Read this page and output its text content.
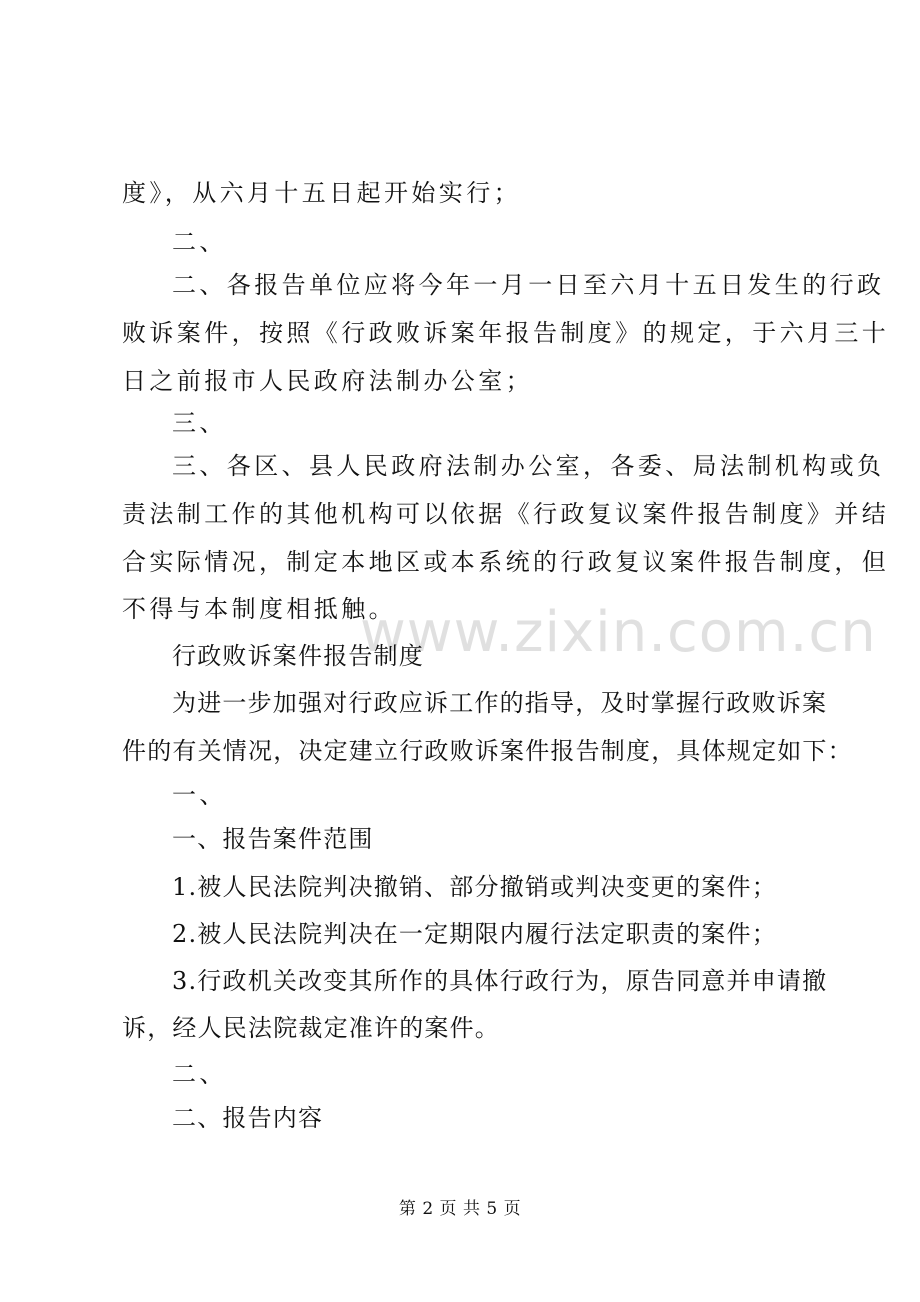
度》，从六月十五日起开始实行；
二、
二、各报告单位应将今年一月一日至六月十五日发生的行政
败诉案件，按照《行政败诉案年报告制度》的规定，于六月三十
日之前报市人民政府法制办公室；
三、
三、各区、县人民政府法制办公室，各委、局法制机构或负
责法制工作的其他机构可以依据《行政复议案件报告制度》并结
合实际情况，制定本地区或本系统的行政复议案件报告制度，但
不得与本制度相抵触。
www.zixin.com.cn
行政败诉案件报告制度
为进一步加强对行政应诉工作的指导，及时掌握行政败诉案
件的有关情况，决定建立行政败诉案件报告制度，具体规定如下：
一、
一、报告案件范围
1.被人民法院判决撤销、部分撤销或判决变更的案件；
2.被人民法院判决在一定期限内履行法定职责的案件；
3.行政机关改变其所作的具体行政行为，原告同意并申请撤
诉，经人民法院裁定准许的案件。
二、
二、报告内容
第 2 页 共 5 页
